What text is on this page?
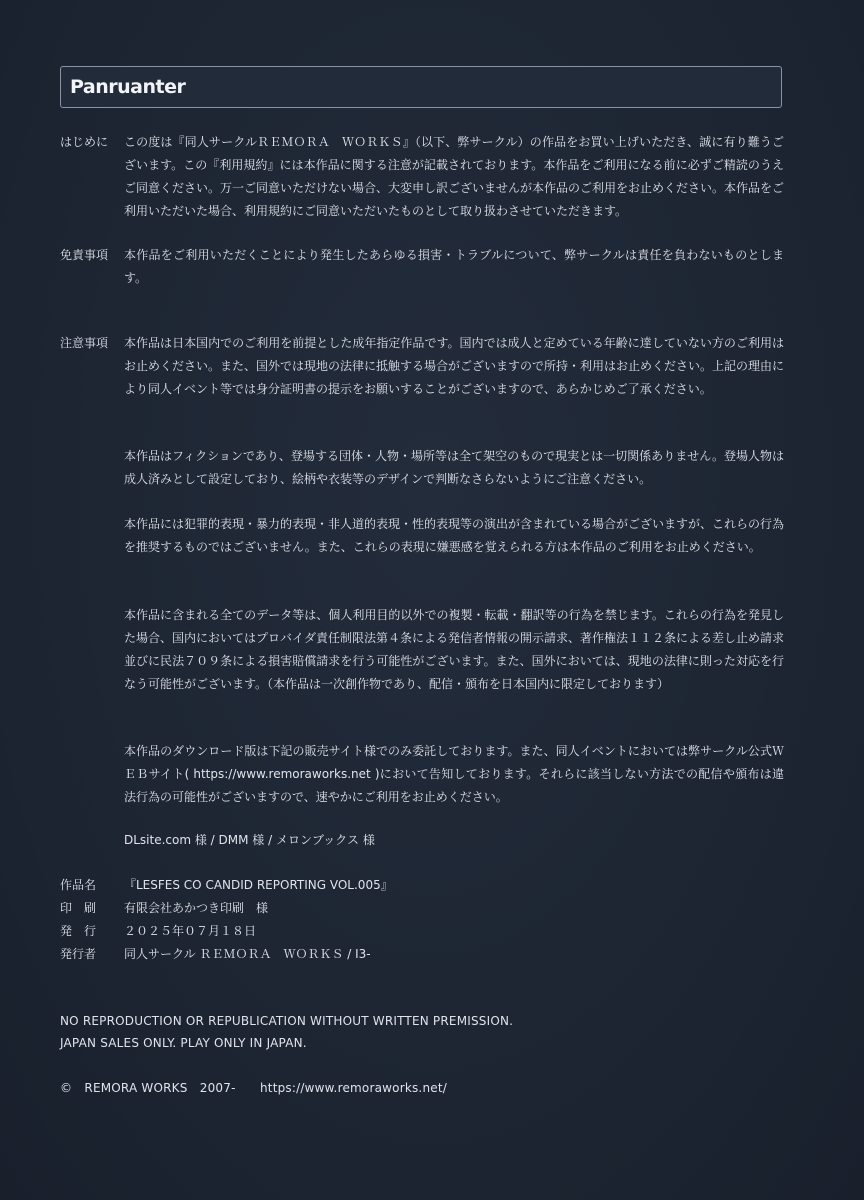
Panruanter
はじめに	この度は『同人サークルＲＥＭＯＲＡ　ＷＯＲＫＳ』（以下、弊サークル）の作品をお買い上げいただき、誠に有り難うございます。この『利用規約』には本作品に関する注意が記載されております。本作品をご利用になる前に必ずご精読のうえご同意ください。万一ご同意いただけない場合、大変申し訳ございませんが本作品のご利用をお止めください。本作品をご利用いただいた場合、利用規約にご同意いただいたものとして取り扱わさせていただきます。
免責事項	本作品をご利用いただくことにより発生したあらゆる損害・トラブルについて、弊サークルは責任を負わないものとします。
注意事項	本作品は日本国内でのご利用を前提とした成年指定作品です。国内では成人と定めている年齢に達していない方のご利用はお止めください。また、国外では現地の法律に抵触する場合がございますので所持・利用はお止めください。上記の理由により同人イベント等では身分証明書の提示をお願いすることがございますので、あらかじめご了承ください。
本作品はフィクションであり、登場する団体・人物・場所等は全て架空のもので現実とは一切関係ありません。登場人物は成人済みとして設定しており、絵柄や衣装等のデザインで判断なさらないようにご注意ください。
本作品には犯罪的表現・暴力的表現・非人道的表現・性的表現等の演出が含まれている場合がございますが、これらの行為を推奨するものではございません。また、これらの表現に嫌悪感を覚えられる方は本作品のご利用をお止めください。
本作品に含まれる全てのデータ等は、個人利用目的以外での複製・転載・翻訳等の行為を禁じます。これらの行為を発見した場合、国内においてはプロバイダ責任制限法第４条による発信者情報の開示請求、著作権法１１２条による差し止め請求並びに民法７０９条による損害賠償請求を行う可能性がございます。また、国外においては、現地の法律に則った対応を行なう可能性がございます。（本作品は一次創作物であり、配信・頒布を日本国内に限定しております）
本作品のダウンロード版は下記の販売サイト様でのみ委託しております。また、同人イベントにおいては弊サークル公式ＷＥＢサイト( https://www.remoraworks.net )において告知しております。それらに該当しない方法での配信や頒布は違法行為の可能性がございますので、速やかにご利用をお止めください。
DLsite.com 様 / DMM 様 / メロンブックス 様
作品名	『LESFES CO CANDID REPORTING VOL.005』
印　刷	有限会社あかつき印刷　様
発　行	２０２５年０７月１８日
発行者	同人サークル ＲＥＭＯＲＡ　ＷＯＲＫＳ / I3-
NO REPRODUCTION OR REPUBLICATION WITHOUT WRITTEN PREMISSION.
JAPAN SALES ONLY. PLAY ONLY IN JAPAN.
©　REMORA WORKS　2007-　　https://www.remoraworks.net/
